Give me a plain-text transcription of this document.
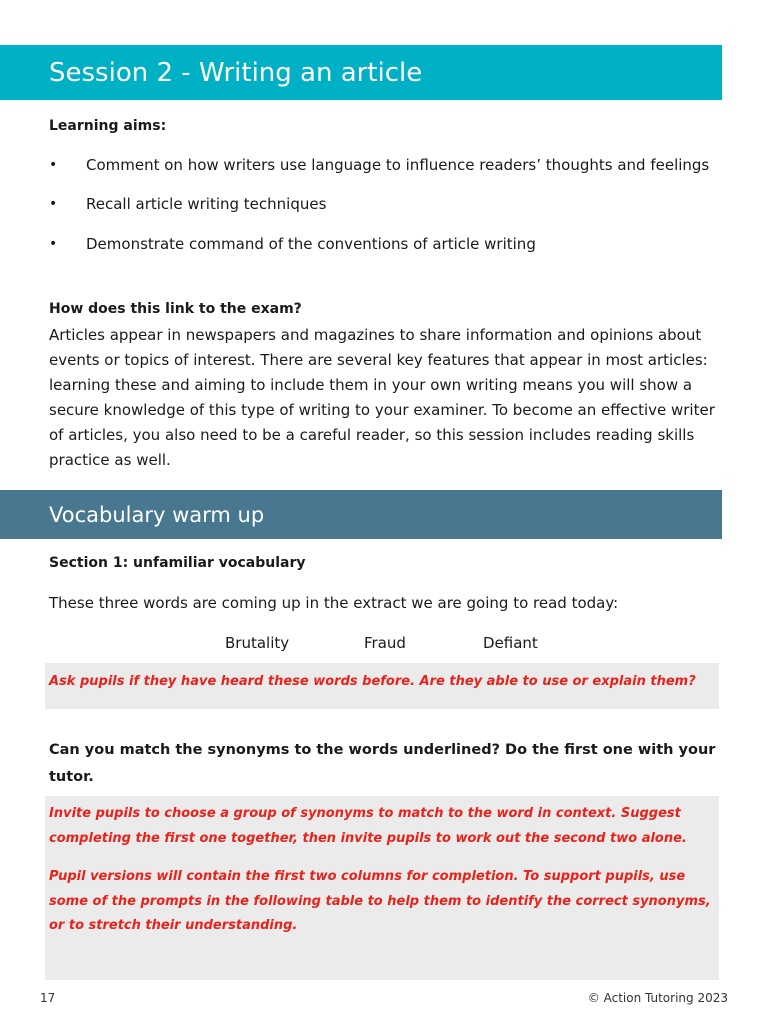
Session 2 - Writing an article
Learning aims:
• Comment on how writers use language to influence readers’ thoughts and feelings
• Recall article writing techniques
• Demonstrate command of the conventions of article writing
How does this link to the exam?
Articles appear in newspapers and magazines to share information and opinions about events or topics of interest. There are several key features that appear in most articles: learning these and aiming to include them in your own writing means you will show a secure knowledge of this type of writing to your examiner. To become an effective writer of articles, you also need to be a careful reader, so this session includes reading skills practice as well.
Vocabulary warm up
Section 1: unfamiliar vocabulary
These three words are coming up in the extract we are going to read today:
Brutality	Fraud	Defiant

Ask pupils if they have heard these words before. Are they able to use or explain them?

Can you match the synonyms to the words underlined? Do the first one with your tutor.

Invite pupils to choose a group of synonyms to match to the word in context. Suggest completing the first one together, then invite pupils to work out the second two alone.

Pupil versions will contain the first two columns for completion. To support pupils, use some of the prompts in the following table to help them to identify the correct synonyms, or to stretch their understanding.

17	© Action Tutoring 2023
